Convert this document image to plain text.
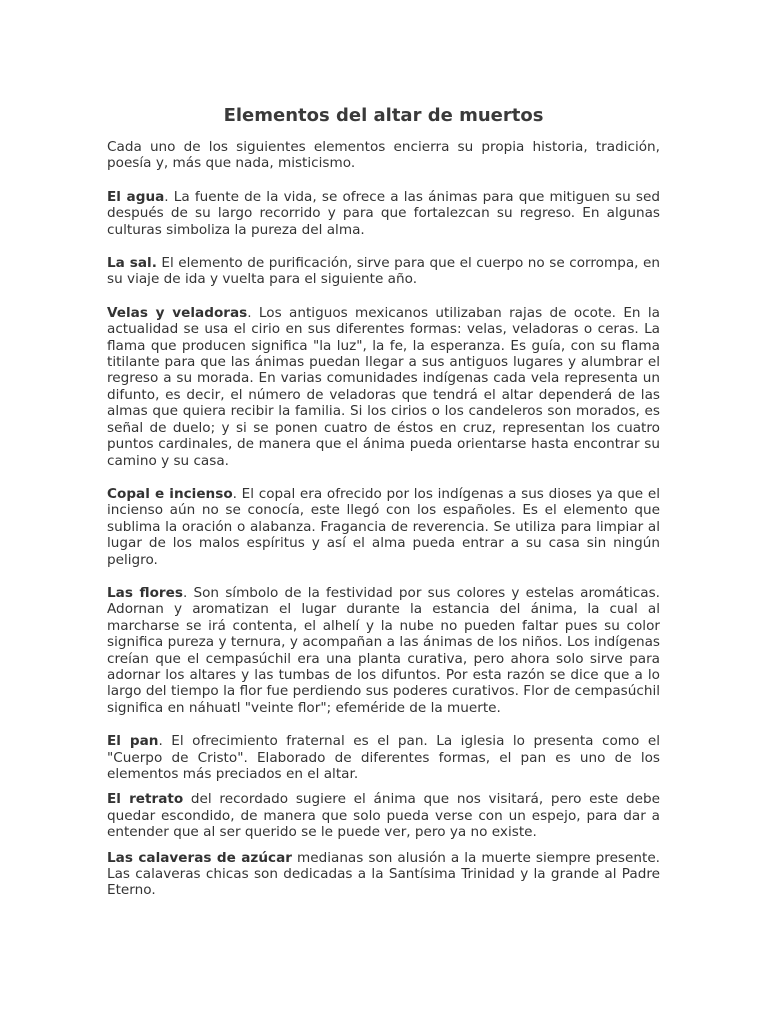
Elementos del altar de muertos

Cada uno de los siguientes elementos encierra su propia historia, tradición, poesía y, más que nada, misticismo.

El agua. La fuente de la vida, se ofrece a las ánimas para que mitiguen su sed después de su largo recorrido y para que fortalezcan su regreso. En algunas culturas simboliza la pureza del alma.

La sal. El elemento de purificación, sirve para que el cuerpo no se corrompa, en su viaje de ida y vuelta para el siguiente año.

Velas y veladoras. Los antiguos mexicanos utilizaban rajas de ocote. En la actualidad se usa el cirio en sus diferentes formas: velas, veladoras o ceras. La flama que producen significa "la luz", la fe, la esperanza. Es guía, con su flama titilante para que las ánimas puedan llegar a sus antiguos lugares y alumbrar el regreso a su morada. En varias comunidades indígenas cada vela representa un difunto, es decir, el número de veladoras que tendrá el altar dependerá de las almas que quiera recibir la familia. Si los cirios o los candeleros son morados, es señal de duelo; y si se ponen cuatro de éstos en cruz, representan los cuatro puntos cardinales, de manera que el ánima pueda orientarse hasta encontrar su camino y su casa.

Copal e incienso. El copal era ofrecido por los indígenas a sus dioses ya que el incienso aún no se conocía, este llegó con los españoles. Es el elemento que sublima la oración o alabanza. Fragancia de reverencia. Se utiliza para limpiar al lugar de los malos espíritus y así el alma pueda entrar a su casa sin ningún peligro.

Las flores. Son símbolo de la festividad por sus colores y estelas aromáticas. Adornan y aromatizan el lugar durante la estancia del ánima, la cual al marcharse se irá contenta, el alhelí y la nube no pueden faltar pues su color significa pureza y ternura, y acompañan a las ánimas de los niños. Los indígenas creían que el cempasúchil era una planta curativa, pero ahora solo sirve para adornar los altares y las tumbas de los difuntos. Por esta razón se dice que a lo largo del tiempo la flor fue perdiendo sus poderes curativos. Flor de cempasúchil significa en náhuatl "veinte flor"; efeméride de la muerte.

El pan. El ofrecimiento fraternal es el pan. La iglesia lo presenta como el "Cuerpo de Cristo". Elaborado de diferentes formas, el pan es uno de los elementos más preciados en el altar.

El retrato del recordado sugiere el ánima que nos visitará, pero este debe quedar escondido, de manera que solo pueda verse con un espejo, para dar a entender que al ser querido se le puede ver, pero ya no existe.

Las calaveras de azúcar medianas son alusión a la muerte siempre presente. Las calaveras chicas son dedicadas a la Santísima Trinidad y la grande al Padre Eterno.
